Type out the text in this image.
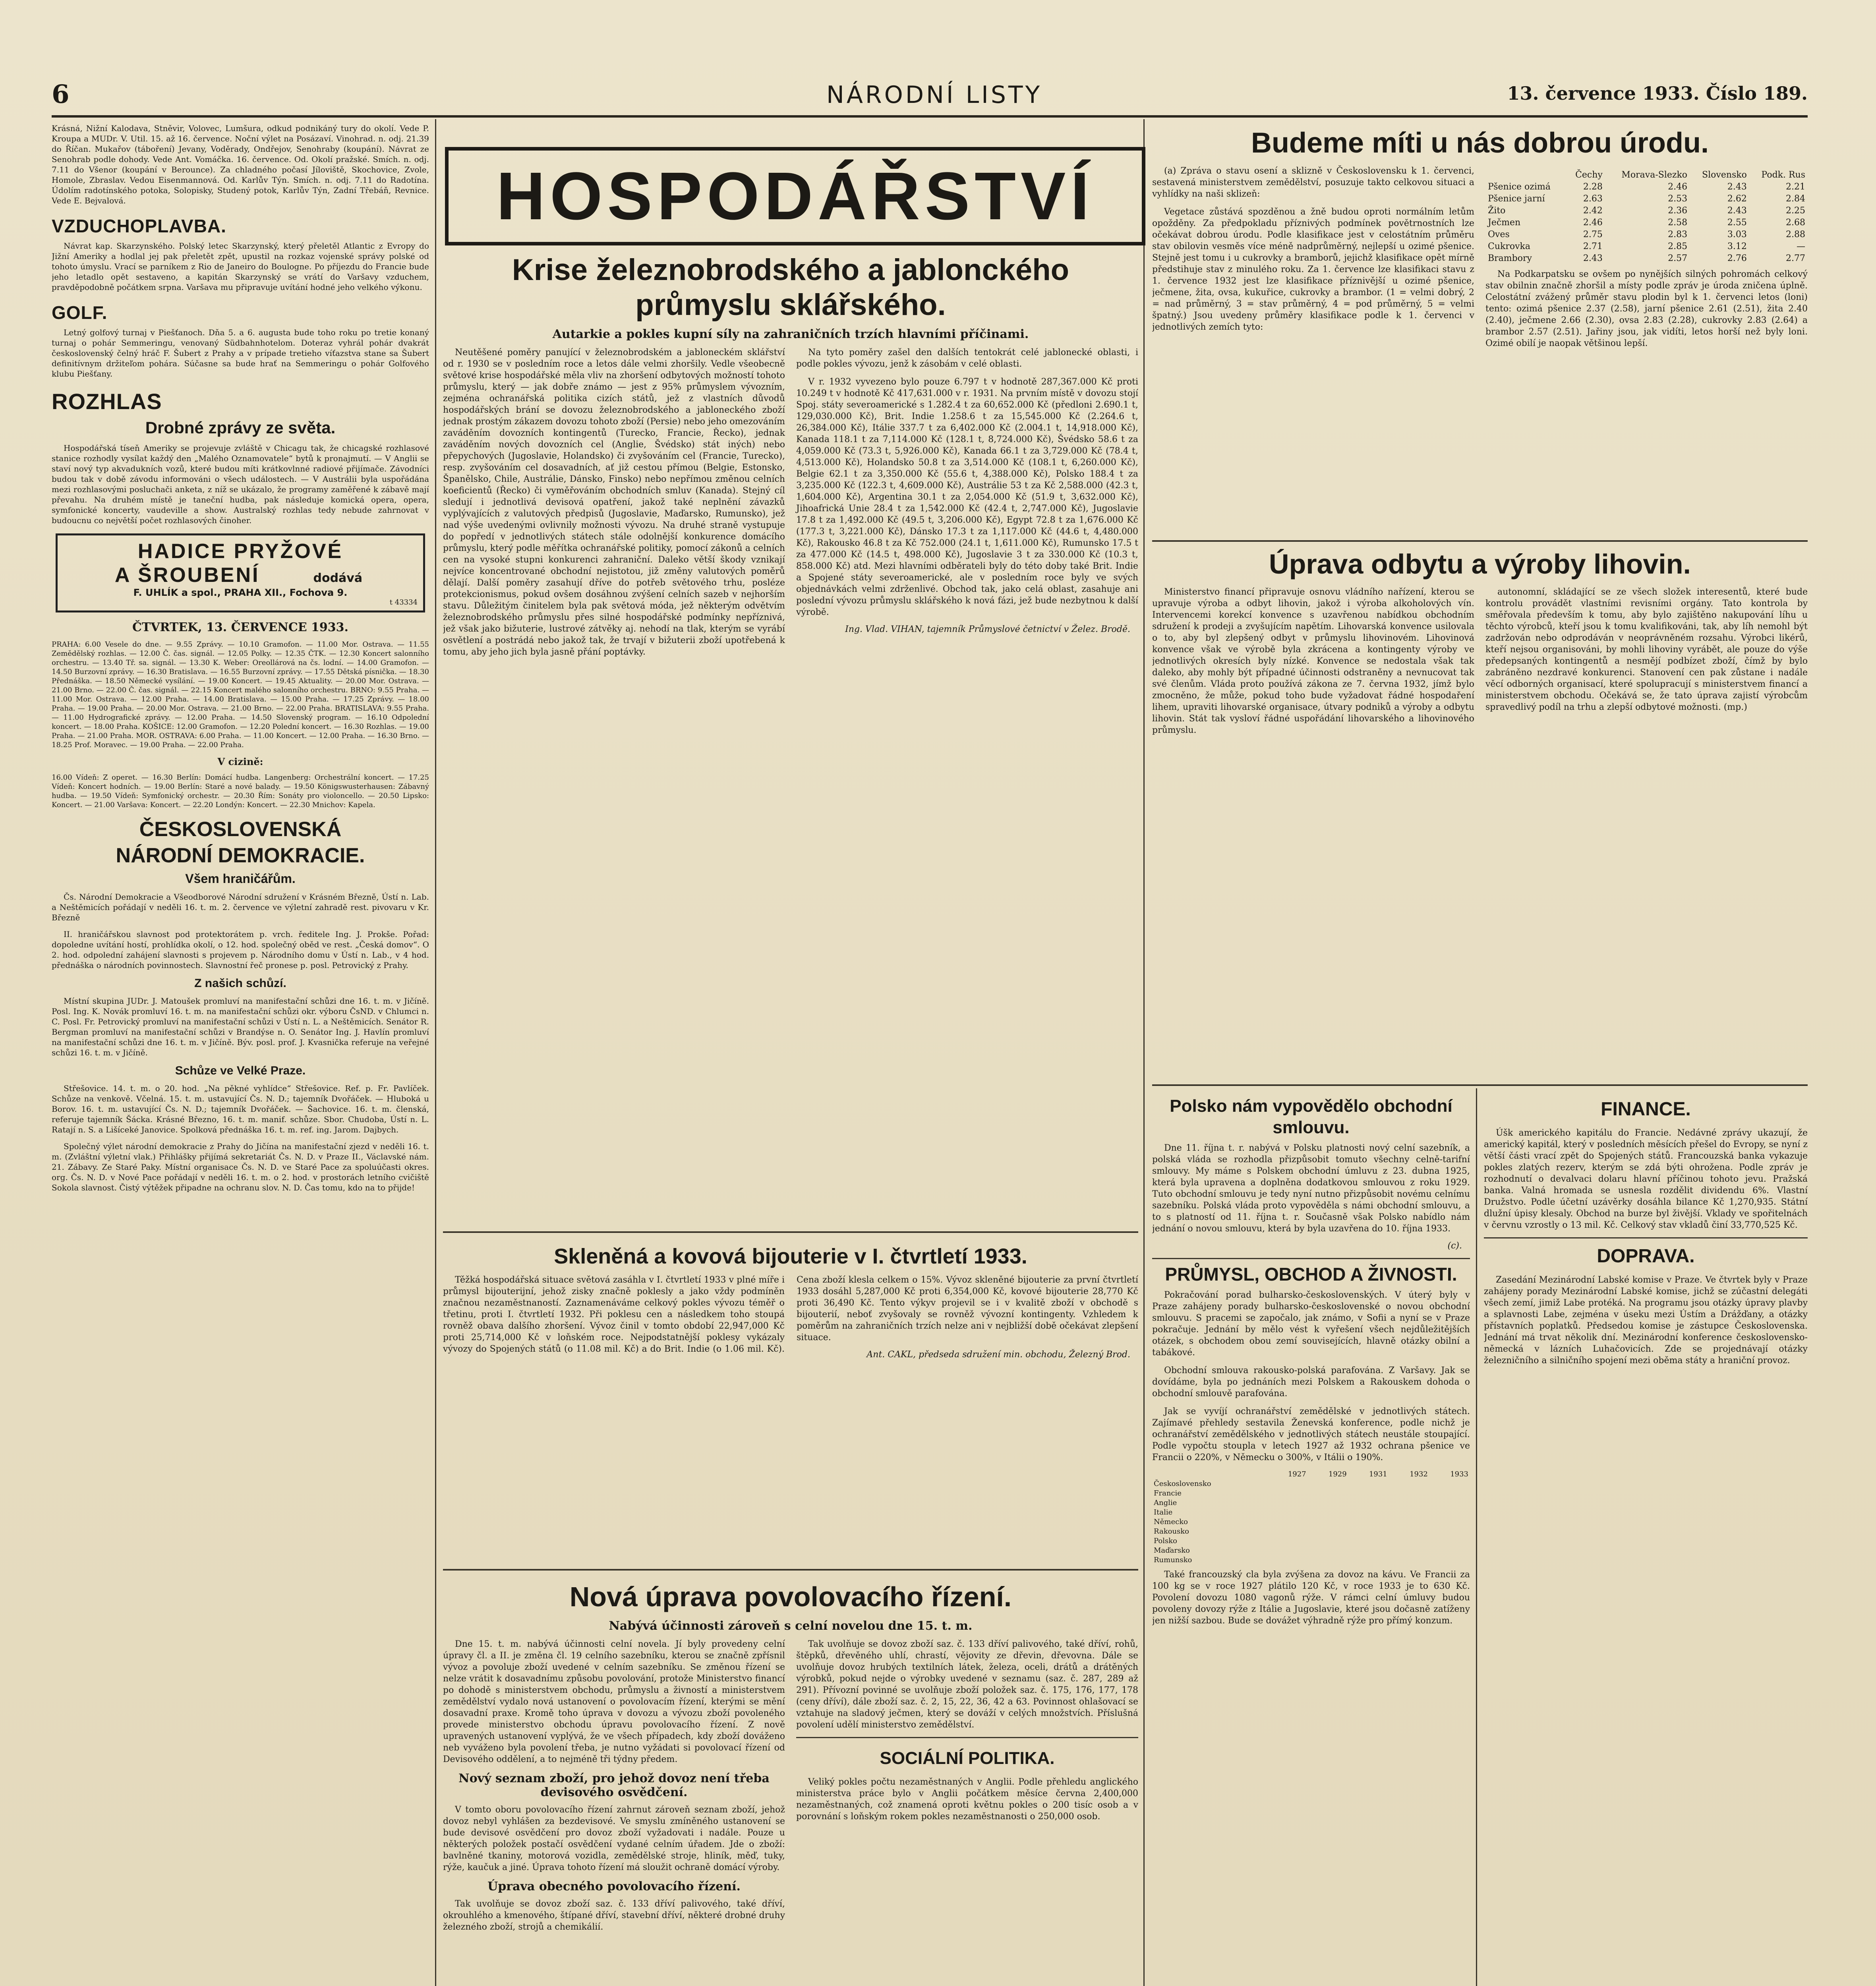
6	NÁRODNÍ LISTY	13. července 1933. Číslo 189.

Krásná, Nižní Kalodava, Stněvir, Volovec, Lumšura, odkud podnikáný tury do okolí. Vede P. Kroupa a MUDr. V. Util. 15. až 16. července. Noční výlet na Posázaví. Vinohrad. n. odj. 21.39 do Říčan. Mukařov (táboření) Jevany, Voděrady, Ondřejov, Senohraby (koupání). Návrat ze Senohrab podle dohody. Vede Ant. Vomáčka. 16. července. Od. Okolí pražské. Smích. n. odj. 7.11 do Všenor (koupání v Berounce). Za chladného počasí Jíloviště, Skochovice, Zvole, Homole, Zbraslav. Vedou Eisenmannová. Od. Karlův Týn. Smích. n. odj. 7.11 do Radotína. Údolím radotínského potoka, Solopisky, Studený potok, Karlův Týn, Zadní Třebáň, Revnice. Vede E. Bejvalová.

VZDUCHOPLAVBA.

Návrat kap. Skarzynského. Polský letec Skarzynský, který přeletěl Atlantic z Evropy do Jižní Ameriky a hodlal jej pak přeletět zpět, upustil na rozkaz vojenské správy polské od tohoto úmyslu. Vrací se parníkem z Rio de Janeiro do Boulogne. Po příjezdu do Francie bude jeho letadlo opět sestaveno, a kapitán Skarzynský se vrátí do Varšavy vzduchem, pravděpodobně počátkem srpna. Varšava mu připravuje uvítání hodné jeho velkého výkonu.

GOLF.

Letný golfový turnaj v Piešťanoch. Dňa 5. a 6. augusta bude toho roku po tretie konaný turnaj o pohár Semmeringu, venovaný Südbahnhotelom. Doteraz vyhrál pohár dvakrát československý čelný hráč F. Šubert z Prahy a v prípade tretieho víťazstva stane sa Šubert definitívnym držiteľom pohára. Súčasne sa bude hrať na Semmeringu o pohár Golfového klubu Piešťany.

ROZHLAS
Drobné zprávy ze světa.

Hospodářská tíseň Ameriky se projevuje zvláště v Chicagu tak, že chicagské rozhlasové stanice rozhodly vysílat každý den „Malého Oznamovatele“ bytů k pronajmutí. — V Anglii se staví nový typ akvadukních vozů, které budou míti krátkovlnné radiové přijímače. Závodníci budou tak v době závodu informováni o všech událostech. — V Austrálii byla uspořádána mezi rozhlasovými posluchači anketa, z níž se ukázalo, že programy zaměřené k zábavě mají převahu. Na druhém místě je taneční hudba, pak následuje komická opera, opera, symfonické koncerty, vaudeville a show. Australský rozhlas tedy nebude zahrnovat v budoucnu co největší počet rozhlasových činoher.

HADICE PRYŽOVÉ
A ŠROUBENÍ	dodává
F. UHLÍK a spol., PRAHA XII., Fochova 9.
t 43334
ČTVRTEK, 13. ČERVENCE 1933.

PRAHA: 6.00 Vesele do dne. — 9.55 Zprávy. — 10.10 Gramofon. — 11.00 Mor. Ostrava. — 11.55 Zemědělský rozhlas. — 12.00 Č. čas. signál. — 12.05 Polky. — 12.35 ČTK. — 12.30 Koncert salonního orchestru. — 13.40 Tř. sa. signál. — 13.30 K. Weber: Oreollárová na čs. lodní. — 14.00 Gramofon. — 14.50 Burzovní zprávy. — 16.30 Bratislava. — 16.55 Burzovní zprávy. — 17.55 Dětská písnička. — 18.30 Přednáška. — 18.50 Německé vysílání. — 19.00 Koncert. — 19.45 Aktuality. — 20.00 Mor. Ostrava. — 21.00 Brno. — 22.00 Č. čas. signál. — 22.15 Koncert malého salonního orchestru. BRNO: 9.55 Praha. — 11.00 Mor. Ostrava. — 12.00 Praha. — 14.00 Bratislava. — 15.00 Praha. — 17.25 Zprávy. — 18.00 Praha. — 19.00 Praha. — 20.00 Mor. Ostrava. — 21.00 Brno. — 22.00 Praha. BRATISLAVA: 9.55 Praha. — 11.00 Hydrografické zprávy. — 12.00 Praha. — 14.50 Slovenský program. — 16.10 Odpolední koncert. — 18.00 Praha. KOŠICE: 12.00 Gramofon. — 12.20 Polední koncert. — 16.30 Rozhlas. — 19.00 Praha. — 21.00 Praha. MOR. OSTRAVA: 6.00 Praha. — 11.00 Koncert. — 12.00 Praha. — 16.30 Brno. — 18.25 Prof. Moravec. — 19.00 Praha. — 22.00 Praha.

V cizině:

16.00 Vídeň: Z operet. — 16.30 Berlín: Domácí hudba. Langenberg: Orchestrální koncert. — 17.25 Vídeň: Koncert hodních. — 19.00 Berlín: Staré a nové balady. — 19.50 Königswusterhausen: Zábavný hudba. — 19.50 Vídeň: Symfonický orchestr. — 20.30 Řím: Sonáty pro violoncello. — 20.50 Lipsko: Koncert. — 21.00 Varšava: Koncert. — 22.20 Londýn: Koncert. — 22.30 Mnichov: Kapela.

ČESKOSLOVENSKÁ
NÁRODNÍ DEMOKRACIE.
Všem hraničářům.

Čs. Národní Demokracie a Všeodborové Národní sdružení v Krásném Březně, Ústí n. Lab. a Neštěmicích pořádají v neděli 16. t. m. 2. července ve výletní zahradě rest. pivovaru v Kr. Březně

II. hraničářskou slavnost pod protektorátem p. vrch. ředitele Ing. J. Prokše. Pořad: dopoledne uvítání hostí, prohlídka okolí, o 12. hod. společný oběd ve rest. „Česká domov“. O 2. hod. odpolední zahájení slavnosti s projevem p. Národního domu v Ústí n. Lab., v 4 hod. přednáška o národních povinnostech. Slavnostní řeč pronese p. posl. Petrovický z Prahy.

Z našich schůzí.

Místní skupina JUDr. J. Matoušek promluví na manifestační schůzi dne 16. t. m. v Jičíně. Posl. Ing. K. Novák promluví 16. t. m. na manifestační schůzi okr. výboru ČsND. v Chlumci n. C. Posl. Fr. Petrovický promluví na manifestační schůzi v Ústí n. L. a Neštěmicích. Senátor R. Bergman promluví na manifestační schůzi v Brandýse n. O. Senátor Ing. J. Havlín promluví na manifestační schůzi dne 16. t. m. v Jičíně. Býv. posl. prof. J. Kvasnička referuje na veřejné schůzi 16. t. m. v Jičíně.

Schůze ve Velké Praze.

Střešovice. 14. t. m. o 20. hod. „Na pěkné vyhlídce“ Střešovice. Ref. p. Fr. Pavlíček. Schůze na venkově. Včelná. 15. t. m. ustavující Čs. N. D.; tajemník Dvořáček. — Hluboká u Borov. 16. t. m. ustavující Čs. N. D.; tajemník Dvořáček. — Šachovice. 16. t. m. členská, referuje tajemník Šácka. Krásné Březno, 16. t. m. manif. schůze. Sbor. Chudoba, Ústí n. L. Ratají n. S. a Lišíceké Janovice. Spolková přednáška 16. t. m. ref. ing. Jarom. Dajbych.

Společný výlet národní demokracie z Prahy do Jičína na manifestační zjezd v neděli 16. t. m. (Zvláštní výletní vlak.) Přihlášky přijímá sekretariát Čs. N. D. v Praze II., Václavské nám. 21. Zábavy. Ze Staré Paky. Místní organisace Čs. N. D. ve Staré Pace za spoluúčasti okres. org. Čs. N. D. v Nové Pace pořádají v neděli 16. t. m. o 2. hod. v prostorách letního cvičiště Sokola slavnost. Čistý výtěžek připadne na ochranu slov. N. D. Čas tomu, kdo na to přijde!

HOSPODÁŘSTVÍ
Krise železnobrodského a jablonckého průmyslu sklářského.
Autarkie a pokles kupní síly na zahraničních trzích hlavními příčinami.

Neutěšené poměry panující v železnobrodském a jabloneckém sklářství od r. 1930 se v posledním roce a letos dále velmi zhoršily. Vedle všeobecně světové krise hospodářské měla vliv na zhoršení odbytových možností tohoto průmyslu, který — jak dobře známo — jest z 95% průmyslem vývozním, zejména ochranářská politika cizích států, jež z vlastních důvodů hospodářských brání se dovozu železnobrodského a jabloneckého zboží jednak prostým zákazem dovozu tohoto zboží (Persie) nebo jeho omezováním zaváděním dovozních kontingentů (Turecko, Francie, Řecko), jednak zaváděním nových dovozních cel (Anglie, Švédsko) stát iných) nebo přepychových (Jugoslavie, Holandsko) či zvyšováním cel (Francie, Turecko), resp. zvyšováním cel dosavadních, ať již cestou přímou (Belgie, Estonsko, Španělsko, Chile, Austrálie, Dánsko, Finsko) nebo nepřímou změnou celních koeficientů (Řecko) či vyměřováním obchodních smluv (Kanada). Stejný cíl sledují i jednotlivá devisová opatření, jakož také neplnění závazků vyplývajících z valutových předpisů (Jugoslavie, Maďarsko, Rumunsko), jež nad výše uvedenými ovlivnily možnosti vývozu. Na druhé straně vystupuje do popředí v jednotlivých státech stále odolnější konkurence domácího průmyslu, který podle měřítka ochranářské politiky, pomocí zákonů a celních cen na vysoké stupni konkurenci zahraniční. Daleko větší škody vznikají nejvíce koncentrované obchodní nejistotou, již změny valutových poměrů dělají. Další poměry zasahují dříve do potřeb světového trhu, posléze protekcionismus, pokud ovšem dosáhnou zvýšení celních sazeb v nejhorším stavu. Důležitým činitelem byla pak světová móda, jež některým odvětvím železnobrodského průmyslu přes silné hospodářské podmínky nepříznivá, jež však jako bižuterie, lustrové zátvěky aj. nehodí na tlak, kterým se vyrábí osvětlení a postrádá nebo jakož tak, že trvají v bižuterii zboží upotřebená k tomu, aby jeho jich byla jasně přání poptávky.

Na tyto poměry zašel den dalších tentokrát celé jablonecké oblasti, i podle pokles vývozu, jenž k zásobám v celé oblasti.

V r. 1932 vyvezeno bylo pouze 6.797 t v hodnotě 287,367.000 Kč proti 10.249 t v hodnotě Kč 417,631.000 v r. 1931. Na prvním místě v dovozu stojí Spoj. státy severoamerické s 1.282.4 t za 60,652.000 Kč (předloni 2.690.1 t, 129,030.000 Kč), Brit. Indie 1.258.6 t za 15,545.000 Kč (2.264.6 t, 26,384.000 Kč), Itálie 337.7 t za 6,402.000 Kč (2.004.1 t, 14,918.000 Kč), Kanada 118.1 t za 7,114.000 Kč (128.1 t, 8,724.000 Kč), Švédsko 58.6 t za 4,059.000 Kč (73.3 t, 5,926.000 Kč), Kanada 66.1 t za 3,729.000 Kč (78.4 t, 4,513.000 Kč), Holandsko 50.8 t za 3,514.000 Kč (108.1 t, 6,260.000 Kč), Belgie 62.1 t za 3,350.000 Kč (55.6 t, 4,388.000 Kč), Polsko 188.4 t za 3,235.000 Kč (122.3 t, 4,609.000 Kč), Austrálie 53 t za Kč 2,588.000 (42.3 t, 1,604.000 Kč), Argentina 30.1 t za 2,054.000 Kč (51.9 t, 3,632.000 Kč), Jihoafrická Unie 28.4 t za 1,542.000 Kč (42.4 t, 2,747.000 Kč), Jugoslavie 17.8 t za 1,492.000 Kč (49.5 t, 3,206.000 Kč), Egypt 72.8 t za 1,676.000 Kč (177.3 t, 3,221.000 Kč), Dánsko 17.3 t za 1,117.000 Kč (44.6 t, 4,480.000 Kč), Rakousko 46.8 t za Kč 752.000 (24.1 t, 1,611.000 Kč), Rumunsko 17.5 t za 477.000 Kč (14.5 t, 498.000 Kč), Jugoslavie 3 t za 330.000 Kč (10.3 t, 858.000 Kč) atd. Mezi hlavními odběrateli byly do této doby také Brit. Indie a Spojené státy severoamerické, ale v posledním roce byly ve svých objednávkách velmi zdrženlivé. Obchod tak, jako celá oblast, zasahuje ani poslední vývozu průmyslu sklářského k nová fázi, jež bude nezbytnou k další výrobě.

Ing. Vlad. VIHAN, tajemník Průmyslové četnictví v Želez. Brodě.
Skleněná a kovová bijouterie v I. čtvrtletí 1933.

Těžká hospodářská situace světová zasáhla v I. čtvrtletí 1933 v plné míře i průmysl bijouterijní, jehož zisky značně poklesly a jako vždy podmíněn značnou nezaměstnaností. Zaznamenáváme celkový pokles vývozu téměř o třetinu, proti I. čtvrtletí 1932. Při poklesu cen a následkem toho stoupá rovněž obava dalšího zhoršení. Vývoz činil v tomto období 22,947,000 Kč proti 25,714,000 Kč v loňském roce. Nejpodstatnější poklesy vykázaly vývozy do Spojených států (o 11.08 mil. Kč) a do Brit. Indie (o 1.06 mil. Kč). Cena zboží klesla celkem o 15%. Vývoz skleněné bijouterie za první čtvrtletí 1933 dosáhl 5,287,000 Kč proti 6,354,000 Kč, kovové bijouterie 28,770 Kč proti 36,490 Kč. Tento výkyv projevil se i v kvalitě zboží v obchodě s bijouterií, neboť zvyšovaly se rovněž vývozní kontingenty. Vzhledem k poměrům na zahraničních trzích nelze ani v nejbližší době očekávat zlepšení situace.

Ant. CAKL, předseda sdružení min. obchodu, Železný Brod.
Nová úprava povolovacího řízení.
Nabývá účinnosti zároveň s celní novelou dne 15. t. m.

Dne 15. t. m. nabývá účinnosti celní novela. Jí byly provedeny celní úpravy čl. a II. je změna čl. 19 celního sazebníku, kterou se značně zpřísnil vývoz a povoluje zboží uvedené v celním sazebníku. Se změnou řízení se nelze vrátit k dosavadnímu způsobu povolování, protože Ministerstvo financí po dohodě s ministerstvem obchodu, průmyslu a živností a ministerstvem zemědělství vydalo nová ustanovení o povolovacím řízení, kterými se mění dosavadní praxe. Kromě toho úprava v dovozu a vývozu zboží povoleného provede ministerstvo obchodu úpravu povolovacího řízení. Z nově upravených ustanovení vyplývá, že ve všech případech, kdy zboží dováženo neb vyváženo byla povolení třeba, je nutno vyžádati si povolovací řízení od Devisového oddělení, a to nejméně tři týdny předem.

Nový seznam zboží, pro jehož dovoz není třeba devisového osvědčení.

V tomto oboru povolovacího řízení zahrnut zároveň seznam zboží, jehož dovoz nebyl vyhlášen za bezdevisové. Ve smyslu zmíněného ustanovení se bude devisové osvědčení pro dovoz zboží vyžadovati i nadále. Pouze u některých položek postačí osvědčení vydané celním úřadem. Jde o zboží: bavlněné tkaniny, motorová vozidla, zemědělské stroje, hliník, měď, tuky, rýže, kaučuk a jiné. Úprava tohoto řízení má sloužit ochraně domácí výroby.

Úprava obecného povolovacího řízení.

Tak uvolňuje se dovoz zboží saz. č. 133 dříví palivového, také dříví, okrouhlého a kmenového, štípané dříví, stavební dříví, některé drobné druhy železného zboží, strojů a chemikálií.

Tak uvolňuje se dovoz zboží saz. č. 133 dříví palivového, také dříví, rohů, štěpků, dřevěného uhlí, chrastí, vějovity ze dřevin, dřevovna. Dále se uvolňuje dovoz hrubých textilních látek, železa, oceli, drátů a drátěných výrobků, pokud nejde o výrobky uvedené v seznamu (saz. č. 287, 289 až 291). Přívozní povinné se uvolňuje zboží položek saz. č. 175, 176, 177, 178 (ceny dříví), dále zboží saz. č. 2, 15, 22, 36, 42 a 63. Povinnost ohlašovací se vztahuje na sladový ječmen, který se dováží v celých množstvích. Příslušná povolení udělí ministerstvo zemědělství.

SOCIÁLNÍ POLITIKA.

Veliký pokles počtu nezaměstnaných v Anglii. Podle přehledu anglického ministerstva práce bylo v Anglii počátkem měsíce června 2,400,000 nezaměstnaných, což znamená oproti květnu pokles o 200 tisíc osob a v porovnání s loňským rokem pokles nezaměstnanosti o 250,000 osob.

Budeme míti u nás dobrou úrodu.

(a) Zpráva o stavu osení a sklizně v Československu k 1. červenci, sestavená ministerstvem zemědělství, posuzuje takto celkovou situaci a vyhlídky na naši sklizeň:

Vegetace zůstává spozděnou a žně budou oproti normálním letům opožděny. Za předpokladu příznivých podmínek povětrnostních lze očekávat dobrou úrodu. Podle klasifikace jest v celostátním průměru stav obilovin vesměs více méně nadprůměrný, nejlepší u ozimé pšenice. Stejně jest tomu i u cukrovky a bramborů, jejichž klasifikace opět mírně předstihuje stav z minulého roku. Za 1. července lze klasifikaci stavu z 1. července 1932 jest lze klasifikace příznivější u ozimé pšenice, ječmene, žita, ovsa, kukuřice, cukrovky a brambor. (1 = velmi dobrý, 2 = nad průměrný, 3 = stav průměrný, 4 = pod průměrný, 5 = velmi špatný.) Jsou uvedeny průměry klasifikace podle k 1. červenci v jednotlivých zemích tyto:

	Čechy	Morava-Slezko	Slovensko	Podk. Rus
Pšenice ozimá	2.28	2.46	2.43	2.21
Pšenice jarní	2.63	2.53	2.62	2.84
Žito	2.42	2.36	2.43	2.25
Ječmen	2.46	2.58	2.55	2.68
Oves	2.75	2.83	3.03	2.88
Cukrovka	2.71	2.85	3.12	—
Brambory	2.43	2.57	2.76	2.77

Na Podkarpatsku se ovšem po nynějších silných pohromách celkový stav obilnin značně zhoršil a místy podle zpráv je úroda zničena úplně. Celostátní zvážený průměr stavu plodin byl k 1. červenci letos (loni) tento: ozimá pšenice 2.37 (2.58), jarní pšenice 2.61 (2.51), žita 2.40 (2.40), ječmene 2.66 (2.30), ovsa 2.83 (2.28), cukrovky 2.83 (2.64) a brambor 2.57 (2.51). Jařiny jsou, jak vidíti, letos horší než byly loni. Ozimé obilí je naopak většinou lepší.

Úprava odbytu a výroby lihovin.

Ministerstvo financí připravuje osnovu vládního nařízení, kterou se upravuje výroba a odbyt lihovin, jakož i výroba alkoholových vín. Intervencemi korekcí konvence s uzavřenou nabídkou obchodním sdružení k prodeji a zvyšujícím napětím. Lihovarská konvence usilovala o to, aby byl zlepšený odbyt v průmyslu lihovinovém. Lihovinová konvence však ve výrobě byla zkrácena a kontingenty výroby ve jednotlivých okresích byly nízké. Konvence se nedostala však tak daleko, aby mohly být případné účinnosti odstraněny a nevnucovat tak své členům. Vláda proto používá zákona ze 7. června 1932, jímž bylo zmocněno, že může, pokud toho bude vyžadovat řádné hospodaření lihem, upraviti lihovarské organisace, útvary podniků a výroby a odbytu lihovin. Stát tak vysloví řádné uspořádání lihovarského a lihovinového průmyslu.

autonomní, skládající se ze všech složek interesentů, které bude kontrolu provádět vlastními revisními orgány. Tato kontrola by směřovala především k tomu, aby bylo zajištěno nakupování líhu u těchto výrobců, kteří jsou k tomu kvalifikováni, tak, aby líh nemohl být zadržován nebo odprodáván v neoprávněném rozsahu. Výrobci likérů, kteří nejsou organisováni, by mohli lihoviny vyrábět, ale pouze do výše předepsaných kontingentů a nesmějí podbízet zboží, čímž by bylo zabráněno nezdravé konkurenci. Stanovení cen pak zůstane i nadále věcí odborných organisací, které spolupracují s ministerstvem financí a ministerstvem obchodu. Očekává se, že tato úprava zajistí výrobcům spravedlivý podíl na trhu a zlepší odbytové možnosti. (mp.)

Polsko nám vypovědělo obchodní smlouvu.

Dne 11. října t. r. nabývá v Polsku platnosti nový celní sazebník, a polská vláda se rozhodla přizpůsobit tomuto všechny celně-tarifní smlouvy. My máme s Polskem obchodní úmluvu z 23. dubna 1925, která byla upravena a doplněna dodatkovou smlouvou z roku 1929. Tuto obchodní smlouvu je tedy nyní nutno přizpůsobit novému celnímu sazebníku. Polská vláda proto vypověděla s námi obchodní smlouvu, a to s platností od 11. října t. r. Současně však Polsko nabídlo nám jednání o novou smlouvu, která by byla uzavřena do 10. října 1933.

(c).
PRŮMYSL, OBCHOD A ŽIVNOSTI.

Pokračování porad bulharsko-československých. V úterý byly v Praze zahájeny porady bulharsko-československé o novou obchodní smlouvu. S pracemi se započalo, jak známo, v Sofii a nyní se v Praze pokračuje. Jednání by mělo vést k vyřešení všech nejdůležitějších otázek, s obchodem obou zemí souvisejících, hlavně otázky obilní a tabákové.

Obchodní smlouva rakousko-polská parafována. Z Varšavy. Jak se dovídáme, byla po jednáních mezi Polskem a Rakouskem dohoda o obchodní smlouvě parafována.

Jak se vyvíjí ochranářství zemědělské v jednotlivých státech. Zajímavé přehledy sestavila Ženevská konference, podle nichž je ochranářství zemědělského v jednotlivých státech neustále stoupající. Podle vypočtu stoupla v letech 1927 až 1932 ochrana pšenice ve Francii o 220%, v Německu o 300%, v Itálii o 190%.

	1927	1929	1931	1932	1933
Československo					
Francie					
Anglie					
Italie					
Německo					
Rakousko					
Polsko					
Maďarsko					
Rumunsko					

Také francouzský cla byla zvýšena za dovoz na kávu. Ve Francii za 100 kg se v roce 1927 plátilo 120 Kč, v roce 1933 je to 630 Kč. Povolení dovozu 1080 vagonů rýže. V rámci celní úmluvy budou povoleny dovozy rýže z Itálie a Jugoslavie, které jsou dočasně zatíženy jen nižší sazbou. Bude se dovážet výhradně rýže pro přímý konzum.

FINANCE.

Úšk amerického kapitálu do Francie. Nedávné zprávy ukazují, že americký kapitál, který v posledních měsících přešel do Evropy, se nyní z větší části vrací zpět do Spojených států. Francouzská banka vykazuje pokles zlatých rezerv, kterým se zdá býti ohrožena. Podle zpráv je rozhodnutí o devalvaci dolaru hlavní příčinou tohoto jevu. Pražská banka. Valná hromada se usnesla rozdělit dividendu 6%. Vlastní Družstvo. Podle účetní uzávěrky dosáhla bilance Kč 1,270,935. Státní dlužní úpisy klesaly. Obchod na burze byl živější. Vklady ve spořitelnách v červnu vzrostly o 13 mil. Kč. Celkový stav vkladů činí 33,770,525 Kč.

DOPRAVA.

Zasedání Mezinárodní Labské komise v Praze. Ve čtvrtek byly v Praze zahájeny porady Mezinárodní Labské komise, jichž se zúčastní delegáti všech zemí, jimiž Labe protéká. Na programu jsou otázky úpravy plavby a splavnosti Labe, zejména v úseku mezi Ústím a Drážďany, a otázky přístavních poplatků. Předsedou komise je zástupce Československa. Jednání má trvat několik dní. Mezinárodní konference československo-německá v lázních Luhačovicích. Zde se projednávají otázky železničního a silničního spojení mezi oběma státy a hraniční provoz.
